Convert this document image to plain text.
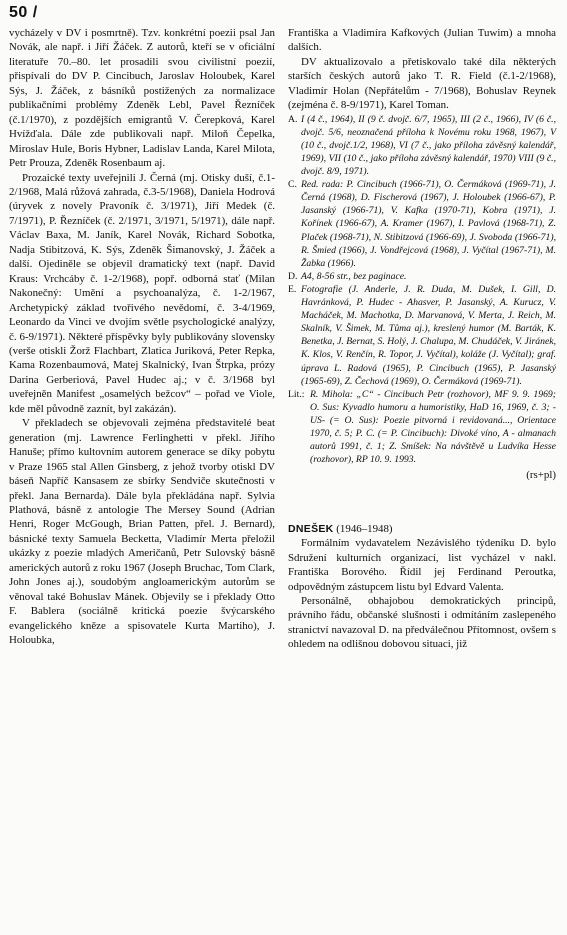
50 /

vycházely v DV i posmrtně). Tzv. konkrétní poezii psal Jan Novák, ale např. i Jiří Žáček. Z autorů, kteří se v oficiální literatuře 70.–80. let prosadili svou civilistní poezií, přispívali do DV P. Cincibuch, Jaroslav Holoubek, Karel Sýs, J. Žáček, z básníků postižených za normalizace publikačními problémy Zdeněk Lebl, Pavel Řezníček (č.1/1970), z pozdějších emigrantů V. Čerepková, Karel Hvížďala. Dále zde publikovali např. Miloň Čepelka, Miroslav Hule, Boris Hybner, Ladislav Landa, Karel Milota, Petr Prouza, Zdeněk Rosenbaum aj.

Prozaické texty uveřejnili J. Černá (mj. Otisky duší, č.1-2/1968, Malá růžová zahrada, č.3-5/1968), Daniela Hodrová (úryvek z novely Pravoník č. 3/1971), Jiří Medek (č. 7/1971), P. Řezníček (č. 2/1971, 3/1971, 5/1971), dále např. Václav Baxa, M. Janík, Karel Novák, Richard Sobotka, Nadja Stibitzová, K. Sýs, Zdeněk Šimanovský, J. Žáček a další. Ojediněle se objevil dramatický text (např. David Kraus: Vrchcáby č. 1-2/1968), popř. odborná stať (Milan Nakonečný: Umění a psychoanalýza, č. 1-2/1967, Archetypický základ tvořivého nevědomí, č. 3-4/1969, Leonardo da Vinci ve dvojím světle psychologické analýzy, č. 6-9/1971). Některé příspěvky byly publikovány slovensky (verše otiskli Žorž Flachbart, Zlatica Juriková, Peter Repka, Kama Rozenbaumová, Matej Skalnický, Ivan Štrpka, prózy Darina Gerberiová, Pavel Hudec aj.; v č. 3/1968 byl uveřejněn Manifest „osamelých bežcov“ – pořad ve Viole, kde měl původně zaznít, byl zakázán).

V překladech se objevovali zejména představitelé beat generation (mj. Lawrence Ferlinghetti v překl. Jiřího Hanuše; přímo kultovním autorem generace se díky pobytu v Praze 1965 stal Allen Ginsberg, z jehož tvorby otiskl DV báseň Napříč Kansasem ze sbírky Sendviče skutečnosti v překl. Jana Bernarda). Dále byla překládána např. Sylvia Plathová, básně z antologie The Mersey Sound (Adrian Henri, Roger McGough, Brian Patten, přel. J. Bernard), básnické texty Samuela Becketta, Vladimír Merta přeložil ukázky z poezie mladých Američanů, Petr Sulovský básně amerických autorů z roku 1967 (Joseph Bruchac, Tom Clark, John Jones aj.), soudobým angloamerickým autorům se věnoval také Bohuslav Mánek. Objevily se i překlady Otto F. Bablera (sociálně kritická poezie švýcarského evangelického kněze a spisovatele Kurta Martiho), J. Holoubka,

Františka a Vladimíra Kafkových (Julian Tuwim) a mnoha dalších.

DV aktualizovalo a přetiskovalo také díla některých starších českých autorů jako T. R. Field (č.1-2/1968), Vladimír Holan (Nepřátelům - 7/1968), Bohuslav Reynek (zejména č. 8-9/1971), Karel Toman.

A. I (4 č., 1964), II (9 č. dvojč. 6/7, 1965), III (2 č., 1966), IV (6 č., dvojč. 5/6, neoznačená příloha k Novému roku 1968, 1967), V (10 č., dvojč.1/2, 1968), VI (7 č., jako příloha závěsný kalendář, 1969), VII (10 č., jako příloha závěsný kalendář, 1970) VIII (9 č., dvojč. 8/9, 1971).
C. Red. rada: P. Cincibuch (1966-71), O. Čermáková (1969-71), J. Černá (1968), D. Fischerová (1967), J. Holoubek (1966-67), P. Jasanský (1966-71), V. Kafka (1970-71), Kobra (1971), J. Kořínek (1966-67), A. Kramer (1967), I. Pavlová (1968-71), Z. Plaček (1968-71), N. Stibitzová (1966-69), J. Svoboda (1966-71), R. Šmied (1966), J. Vondřejcová (1968), J. Vyčítal (1967-71), M. Žabka (1966).
D. A4, 8-56 str., bez paginace.
E. Fotografie (J. Anderle, J. R. Duda, M. Dušek, I. Gill, D. Havránková, P. Hudec - Ahasver, P. Jasanský, A. Kurucz, V. Macháček, M. Machotka, D. Marvanová, V. Merta, J. Reich, M. Skalník, V. Šimek, M. Tůma aj.), kreslený humor (M. Barták, K. Benetka, J. Bernat, S. Holý, J. Chalupa, M. Chudáček, V. Jiránek, K. Klos, V. Renčín, R. Topor, J. Vyčítal), koláže (J. Vyčítal); graf. úprava L. Radová (1965), P. Cincibuch (1965), P. Jasanský (1965-69), Z. Čechová (1969), O. Čermáková (1969-71).
Lit.: R. Mihola: „C“ - Cincibuch Petr (rozhovor), MF 9. 9. 1969; O. Sus: Kyvadlo humoru a humoristiky, HaD 16, 1969, č. 3; -US- (= O. Sus): Poezie pitvorná i revidovaná..., Orientace 1970, č. 5; P. C. (= P. Cincibuch): Divoké víno, A - almanach autorů 1991, č. 1; Z. Smíšek: Na návštěvě u Ludvíka Hesse (rozhovor), RP 10. 9. 1993.
(rs+pl)

DNEŠEK (1946–1948)

Formálním vydavatelem Nezávislého týdeníku D. bylo Sdružení kulturních organizací, list vycházel v nakl. Františka Borového. Řídil jej Ferdinand Peroutka, odpovědným zástupcem listu byl Edvard Valenta.

Personálně, obhajobou demokratických principů, právního řádu, občanské slušnosti i odmítáním zaslepeného stranictví navazoval D. na předválečnou Přítomnost, ovšem s ohledem na odlišnou dobovou situaci, již
